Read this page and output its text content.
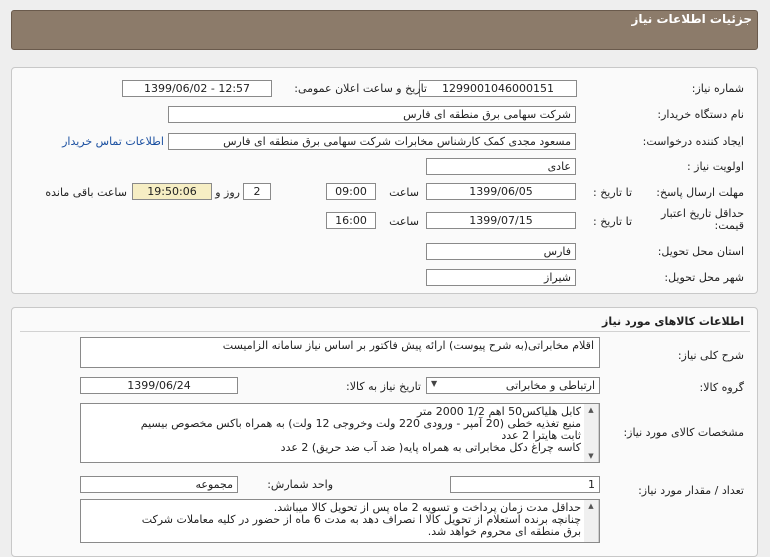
جزئیات اطلاعات نیاز
شماره نیاز:
1299001046000151
تاریخ و ساعت اعلان عمومی:
1399/06/02 - 12:57
نام دستگاه خریدار:
شرکت سهامی برق منطقه ای فارس
ایجاد کننده درخواست:
مسعود مجدی کمک کارشناس مخابرات شرکت سهامی برق منطقه ای فارس
اطلاعات تماس خریدار
اولویت نیاز :
عادی
مهلت ارسال پاسخ:
تا تاریخ :
1399/06/05
ساعت
09:00
2
روز و
19:50:06
ساعت باقی مانده
حداقل تاریخ اعتبار قیمت:
تا تاریخ :
1399/07/15
ساعت
16:00
استان محل تحویل:
فارس
شهر محل تحویل:
شیراز
اطلاعات کالاهای مورد نیاز
شرح کلی نیاز:
اقلام مخابراتی(به شرح پیوست) ارائه پیش فاکتور بر اساس نیاز سامانه الزامیست
گروه کالا:
ارتباطی و مخابراتی
▼
تاریخ نیاز به کالا:
1399/06/24
مشخصات کالای مورد نیاز:
کابل هلیاکس50 اهم 1/2 2000 متر
منبع تغذیه خطی (20 آمپر - ورودی 220 ولت وخروجی 12 ولت) به همراه باکس مخصوص بیسیم
ثابت هایترا 2 عدد
کاسه چراغ دکل مخابراتی به همراه پایه( ضد آب ضد حریق) 2 عدد
▲
▼
تعداد / مقدار مورد نیاز:
1
واحد شمارش:
مجموعه
حداقل مدت زمان پرداخت و تسویه 2 ماه پس از تحویل کالا میباشد.
چنانچه برنده استعلام از تحویل کالا ا نصراف دهد به مدت 6 ماه از حضور در کلیه معاملات شرکت
برق منطقه ای محروم خواهد شد.
▲
